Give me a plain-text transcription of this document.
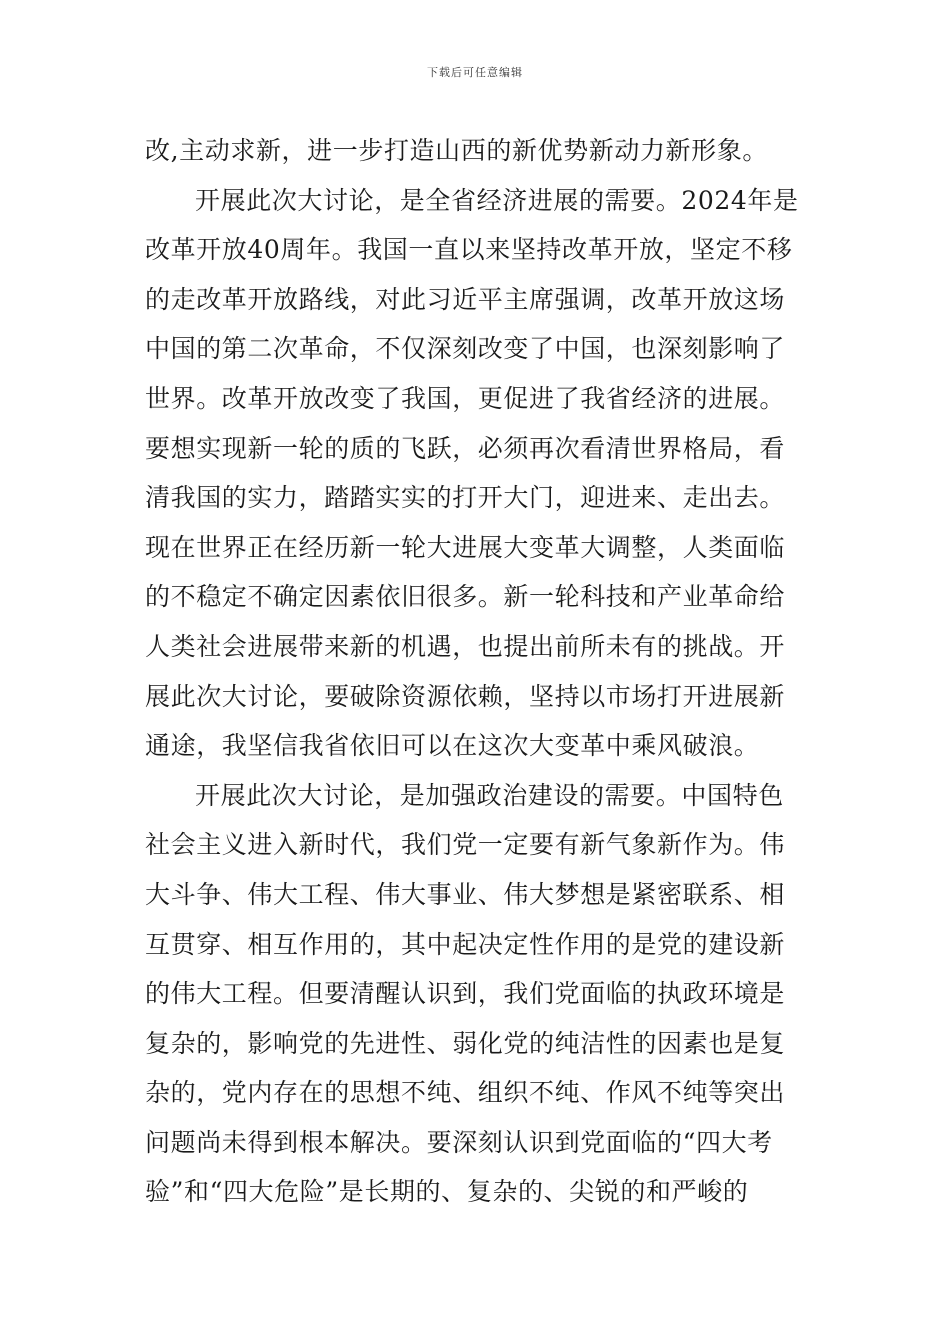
下载后可任意编辑
改,主动求新，进一步打造山西的新优势新动力新形象。
开展此次大讨论，是全省经济进展的需要。2024年是
改革开放40周年。我国一直以来坚持改革开放，坚定不移
的走改革开放路线，对此习近平主席强调，改革开放这场
中国的第二次革命，不仅深刻改变了中国，也深刻影响了
世界。改革开放改变了我国，更促进了我省经济的进展。
要想实现新一轮的质的飞跃，必须再次看清世界格局，看
清我国的实力，踏踏实实的打开大门，迎进来、走出去。
现在世界正在经历新一轮大进展大变革大调整，人类面临
的不稳定不确定因素依旧很多。新一轮科技和产业革命给
人类社会进展带来新的机遇，也提出前所未有的挑战。开
展此次大讨论，要破除资源依赖，坚持以市场打开进展新
通途，我坚信我省依旧可以在这次大变革中乘风破浪。
开展此次大讨论，是加强政治建设的需要。中国特色
社会主义进入新时代，我们党一定要有新气象新作为。伟
大斗争、伟大工程、伟大事业、伟大梦想是紧密联系、相
互贯穿、相互作用的，其中起决定性作用的是党的建设新
的伟大工程。但要清醒认识到，我们党面临的执政环境是
复杂的，影响党的先进性、弱化党的纯洁性的因素也是复
杂的，党内存在的思想不纯、组织不纯、作风不纯等突出
问题尚未得到根本解决。要深刻认识到党面临的“四大考
验”和“四大危险”是长期的、复杂的、尖锐的和严峻的
